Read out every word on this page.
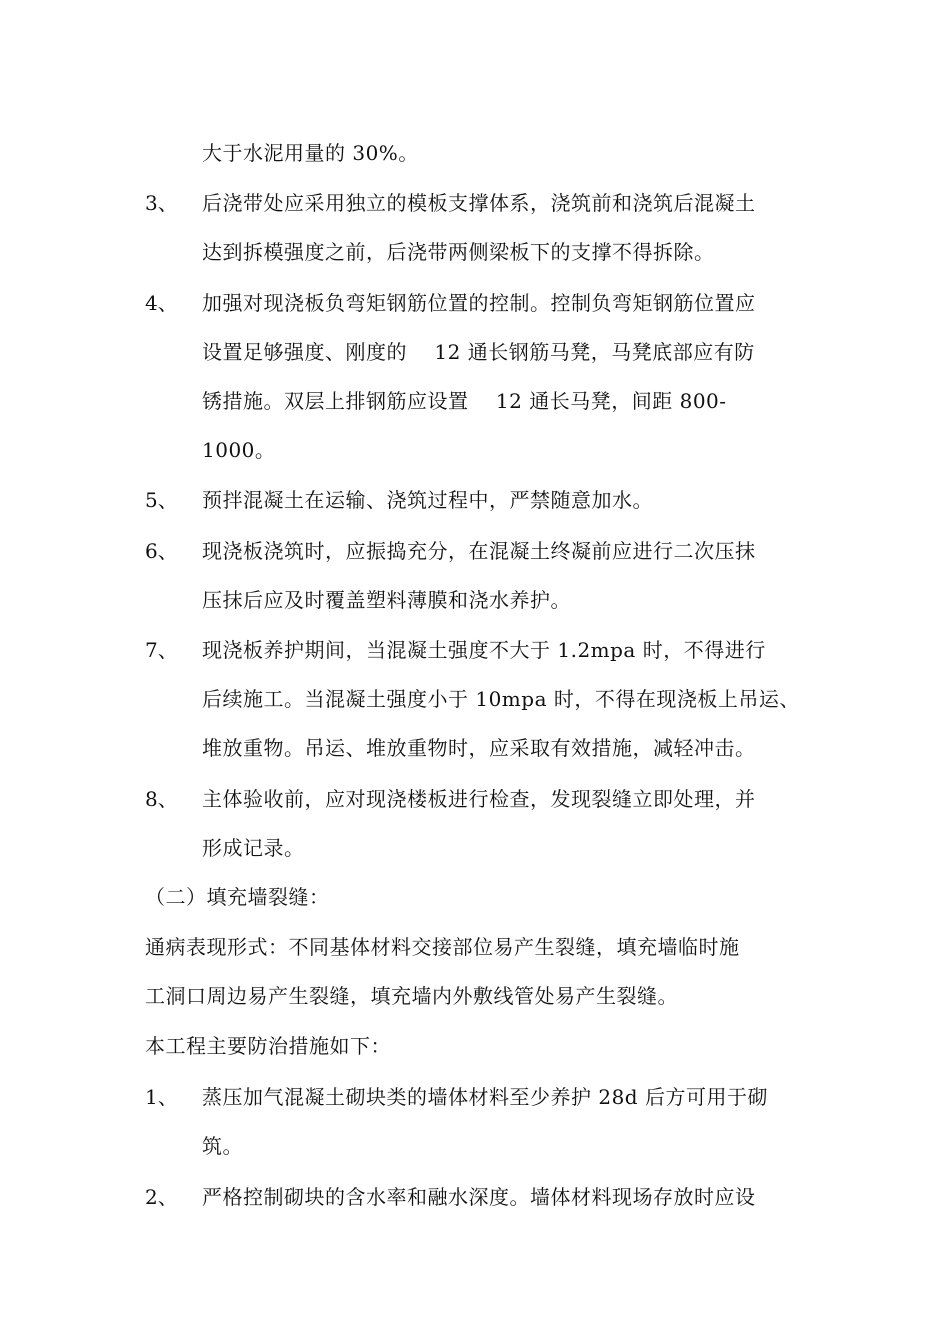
大于水泥用量的 30%。
3、 后浇带处应采用独立的模板支撑体系，浇筑前和浇筑后混凝土
达到拆模强度之前，后浇带两侧梁板下的支撑不得拆除。
4、 加强对现浇板负弯矩钢筋位置的控制。控制负弯矩钢筋位置应
设置足够强度、刚度的    12 通长钢筋马凳，马凳底部应有防
锈措施。双层上排钢筋应设置    12 通长马凳，间距 800-
1000。
5、 预拌混凝土在运输、浇筑过程中，严禁随意加水。
6、 现浇板浇筑时，应振捣充分，在混凝土终凝前应进行二次压抹
压抹后应及时覆盖塑料薄膜和浇水养护。
7、 现浇板养护期间，当混凝土强度不大于 1.2mpa 时，不得进行
后续施工。当混凝土强度小于 10mpa 时，不得在现浇板上吊运、
堆放重物。吊运、堆放重物时，应采取有效措施，减轻冲击。
8、 主体验收前，应对现浇楼板进行检查，发现裂缝立即处理，并
形成记录。
（二）填充墙裂缝：
通病表现形式：不同基体材料交接部位易产生裂缝，填充墙临时施
工洞口周边易产生裂缝，填充墙内外敷线管处易产生裂缝。
本工程主要防治措施如下：
1、 蒸压加气混凝土砌块类的墙体材料至少养护 28d 后方可用于砌
筑。
2、 严格控制砌块的含水率和融水深度。墙体材料现场存放时应设
